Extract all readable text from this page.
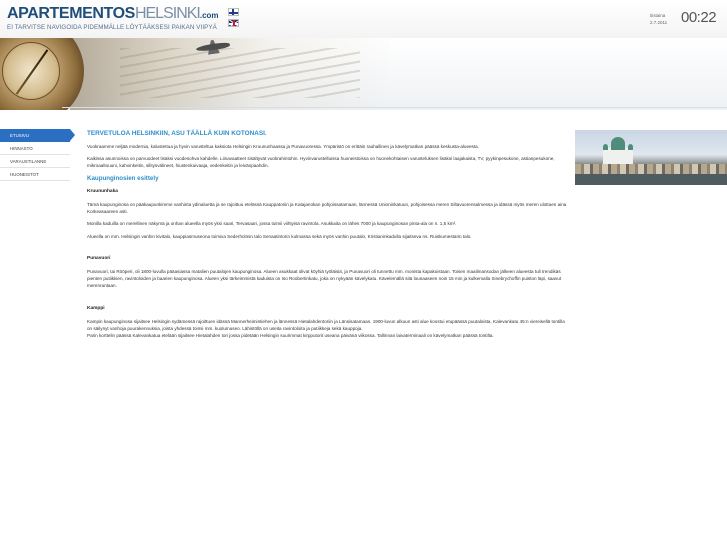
APARTEMENTOSHELSINKI.com
EI TARVITSE NAVIGOIDA PIDEMMÄLLE LÖYTÄÄKSESI PAIKAN VIIPYÄ
tiistaina
2.7.2011 00:22
ETUSIVU
HINNASTO
VARAUSTILANNE
HUONEISTOT
TERVETULOA HELSINKIIN, ASU TÄÄLLÄ KUIN KOTONASI.

Vuokraamme neljää modernia, kalustettua ja hyvin varusteltua kaksiota Helsingin Kruununhaassa ja Punavuoressa. Ympäristö on erittäin rauhallinen ja kävelymatkan päässä keskusta-alueesta.

Kaikissa asunnoissa on parvuodeet lisäksi vuodesohva kahdelle. Liinavaatteet sisältyvät vuokrahintohin. Hyvinvarustelluissa huoneistoissa on huonekohtaisen varusteluksen lisäksi laajakaista, TV, pyykinpesukone, astianpesukone, mikroaaltouuni, kahvinkeitin, silitysvälineet, hiustenkuivaaja, vedenkeitin ja leivänpaahdin.

Kaupunginosien esittely
Kruununhaka

Tämä kaupunginosa on pääkaupunkimme vanhinta ydinaluetta ja se rajoittuu etelässä Kauppatoriin ja Katajanokan pohjoissatamaan, lännessä Unioninkatuun, pohjoisessa meren Siltavuorensalmessa ja idässä myös meren ulottuen aina Korkeasaareen asti.

Monilla kaduilla on merellinen näkymä ja onhan alueella myös yksi saari, Tervasaari, jossa toimii viihtyisä ravintola. Asukkaita on lähes 7000 ja kaupunginosan pinta-ala on n. 1,5 km².

Alueella on mm. Helsingin vanhin kivitalo, kauppiasmuseona toimiva Sederholmin talo Senaatintorin kulmassa sekä myös vanhin puutalo, Kristianinkadulla sijaitseva ns. Ruiskumestarin talo.

Punavuori

Punavuori, tai Rööperi, oli 1800-luvulla pääasiassa matalien puutalojen kaupunginosa. Alueen asukkaat olivat köyhiä työläisiä, ja Punavuori oli tunnettu mm. monista kapakoistaan. Toisen maailmansodan jälkeen alueesta tuli trendikäs pienten putiikkien, ravintoloiden ja baarien kaupunginosa. Alueen yksi tärkeimmistä kaduista on Iso Roobertinkatu, joka on nykyään kävelykatu. Kävelemällä sitä lounaaseen noin 15 min ja kulkemalla Sinebrychoffin puiston läpi, saavut merenrantaan.

Kamppi

Kampin kaupunginosa sijaitsee Helsingin sydämessä rajoittuen idässä Mannerheimintiehen ja lännessä Hietalahdentoriin ja Länsisatamaan. 1900-luvun alkuun asti alue koostui etupäässä puutaloista. Kalevankatu 45:n viereisellä tontilla on säilynyt vanhoja puurakennuksia, joista yhdessä toimii mm. kuolumuseo. Lähistöllä on useita ravintoloita ja putiikkeja sekä kauppoja.

Parin korttelin päässä Kalevankatua etelään sijaitsee Hietalahden tori jossa pidetään Helsingin suurimmat kirpputorit useana päivänä viikossa. Tallinnan laivaterminaali on kävelymatkan päässä tontilta.
